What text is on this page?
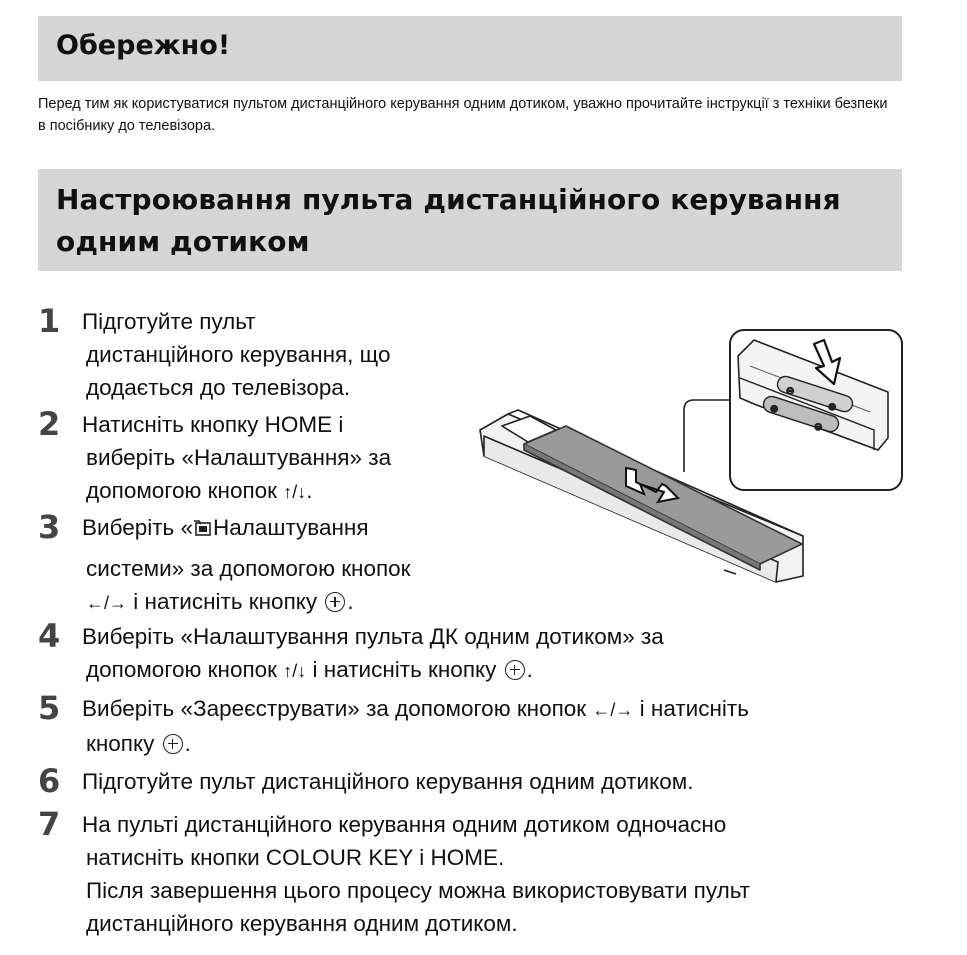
Обережно!

Перед тим як користуватися пультом дистанційного керування одним дотиком, уважно прочитайте інструкції з техніки безпеки в посібнику до телевізора.

Настроювання пульта дистанційного керування
одним дотиком
⊖
⊕
⊕
⊖
1 Підготуйте пульт
дистанційного керування, що
додається до телевізора.
2 Натисніть кнопку HOME і
виберіть «Налаштування» за
допомогою кнопок ↑/↓.
3 Виберіть « Налаштування
системи» за допомогою кнопок
←/→ і натисніть кнопку .
4 Виберіть «Налаштування пульта ДК одним дотиком» за
допомогою кнопок ↑/↓ і натисніть кнопку .
5 Виберіть «Зареєструвати» за допомогою кнопок ←/→ і натисніть
кнопку .
6 Підготуйте пульт дистанційного керування одним дотиком.
7 На пульті дистанційного керування одним дотиком одночасно
натисніть кнопки COLOUR KEY і HOME.
Після завершення цього процесу можна використовувати пульт
дистанційного керування одним дотиком.
